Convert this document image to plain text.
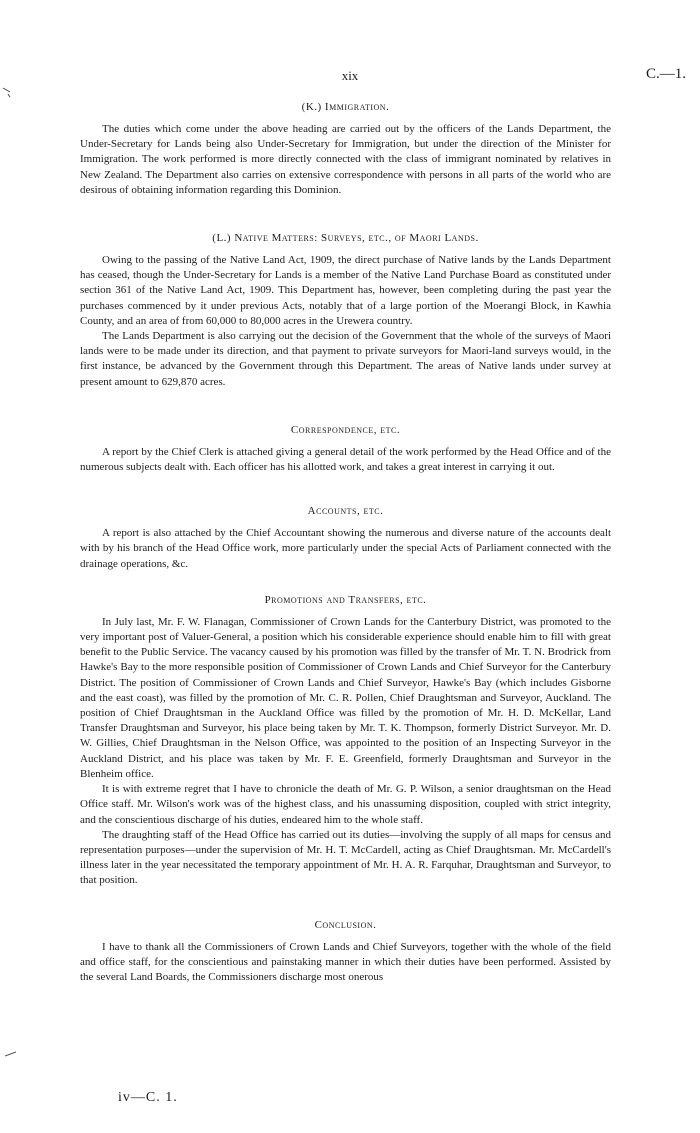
xix	C.—1.
(K.) Immigration.

The duties which come under the above heading are carried out by the officers of the Lands Department, the Under-Secretary for Lands being also Under-Secretary for Immigration, but under the direction of the Minister for Immigration. The work performed is more directly connected with the class of immigrant nominated by relatives in New Zealand. The Department also carries on extensive correspondence with persons in all parts of the world who are desirous of obtaining information regarding this Dominion.

(L.) Native Matters: Surveys, etc., of Maori Lands.

Owing to the passing of the Native Land Act, 1909, the direct purchase of Native lands by the Lands Department has ceased, though the Under-Secretary for Lands is a member of the Native Land Purchase Board as constituted under section 361 of the Native Land Act, 1909. This Department has, however, been completing during the past year the purchases commenced by it under previous Acts, notably that of a large portion of the Moerangi Block, in Kawhia County, and an area of from 60,000 to 80,000 acres in the Urewera country.

The Lands Department is also carrying out the decision of the Government that the whole of the surveys of Maori lands were to be made under its direction, and that payment to private surveyors for Maori-land surveys would, in the first instance, be advanced by the Government through this Department. The areas of Native lands under survey at present amount to 629,870 acres.

Correspondence, etc.

A report by the Chief Clerk is attached giving a general detail of the work performed by the Head Office and of the numerous subjects dealt with. Each officer has his allotted work, and takes a great interest in carrying it out.

Accounts, etc.

A report is also attached by the Chief Accountant showing the numerous and diverse nature of the accounts dealt with by his branch of the Head Office work, more particularly under the special Acts of Parliament connected with the drainage operations, &c.

Promotions and Transfers, etc.

In July last, Mr. F. W. Flanagan, Commissioner of Crown Lands for the Canterbury District, was promoted to the very important post of Valuer-General, a position which his considerable experience should enable him to fill with great benefit to the Public Service. The vacancy caused by his promotion was filled by the transfer of Mr. T. N. Brodrick from Hawke's Bay to the more responsible position of Commissioner of Crown Lands and Chief Surveyor for the Canterbury District. The position of Commissioner of Crown Lands and Chief Surveyor, Hawke's Bay (which includes Gisborne and the east coast), was filled by the promotion of Mr. C. R. Pollen, Chief Draughtsman and Surveyor, Auckland. The position of Chief Draughtsman in the Auckland Office was filled by the promotion of Mr. H. D. McKellar, Land Transfer Draughtsman and Surveyor, his place being taken by Mr. T. K. Thompson, formerly District Surveyor. Mr. D. W. Gillies, Chief Draughtsman in the Nelson Office, was appointed to the position of an Inspecting Surveyor in the Auckland District, and his place was taken by Mr. F. E. Greenfield, formerly Draughtsman and Surveyor in the Blenheim office.

It is with extreme regret that I have to chronicle the death of Mr. G. P. Wilson, a senior draughtsman on the Head Office staff. Mr. Wilson's work was of the highest class, and his unassuming disposition, coupled with strict integrity, and the conscientious discharge of his duties, endeared him to the whole staff.

The draughting staff of the Head Office has carried out its duties—involving the supply of all maps for census and representation purposes—under the supervision of Mr. H. T. McCardell, acting as Chief Draughtsman. Mr. McCardell's illness later in the year necessitated the temporary appointment of Mr. H. A. R. Farquhar, Draughtsman and Surveyor, to that position.

Conclusion.

I have to thank all the Commissioners of Crown Lands and Chief Surveyors, together with the whole of the field and office staff, for the conscientious and painstaking manner in which their duties have been performed. Assisted by the several Land Boards, the Commissioners discharge most onerous

iv—C. 1.
